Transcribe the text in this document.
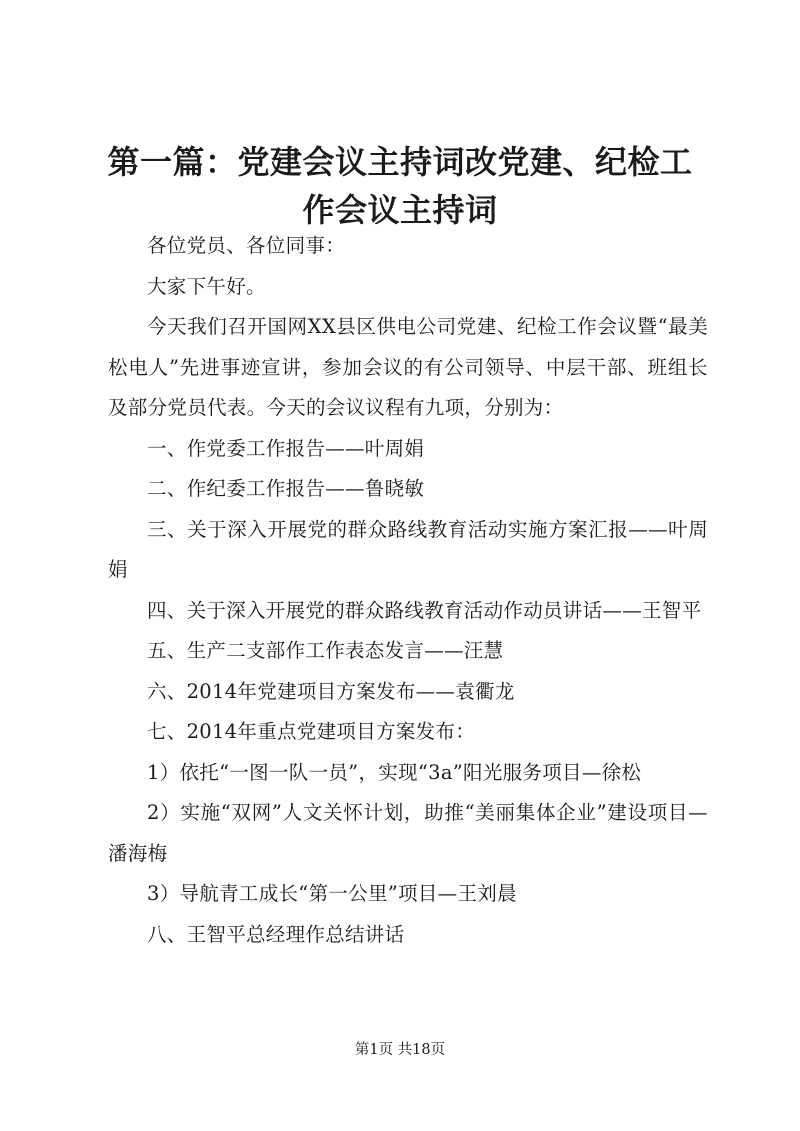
第一篇：党建会议主持词改党建、纪检工作会议主持词

各位党员、各位同事：

大家下午好。

今天我们召开国网XX县区供电公司党建、纪检工作会议暨“最美松电人”先进事迹宣讲，参加会议的有公司领导、中层干部、班组长及部分党员代表。今天的会议议程有九项，分别为：

一、作党委工作报告——叶周娟

二、作纪委工作报告——鲁晓敏

三、关于深入开展党的群众路线教育活动实施方案汇报——叶周娟

四、关于深入开展党的群众路线教育活动作动员讲话——王智平

五、生产二支部作工作表态发言——汪慧

六、2014年党建项目方案发布——袁衢龙

七、2014年重点党建项目方案发布：

1）依托“一图一队一员”，实现“3a”阳光服务项目—徐松

2）实施“双网”人文关怀计划，助推“美丽集体企业”建设项目—潘海梅

3）导航青工成长“第一公里”项目—王刘晨

八、王智平总经理作总结讲话

第1页 共18页
